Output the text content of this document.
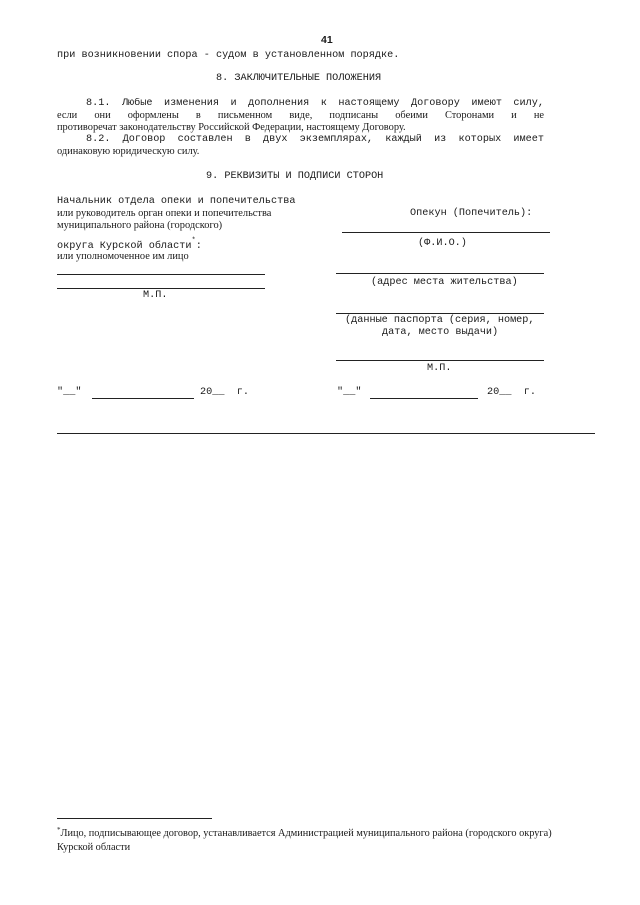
41
при возникновении спора - судом в установленном порядке.
8. ЗАКЛЮЧИТЕЛЬНЫЕ ПОЛОЖЕНИЯ
8.1. Любые изменения и дополнения к настоящему Договору имеют силу,
если они оформлены в письменном виде, подписаны обеими Сторонами и не
противоречат законодательству Российской Федерации, настоящему Договору.
8.2. Договор составлен в двух экземплярах, каждый из которых имеет
одинаковую юридическую силу.
9. РЕКВИЗИТЫ И ПОДПИСИ СТОРОН
Начальник отдела опеки и попечительства
или руководитель орган опеки и попечительства
муниципального района (городского)
округа Курской области*:
или уполномоченное им лицо
М.П.
Опекун (Попечитель):
(Ф.И.О.)
(адрес места жительства)
(данные паспорта (серия, номер,
дата, место выдачи)
М.П.
"__"	20__ г.	"__"	20__ г.
*Лицо, подписывающее договор, устанавливается Администрацией муниципального района (городского округа)
Курской области
